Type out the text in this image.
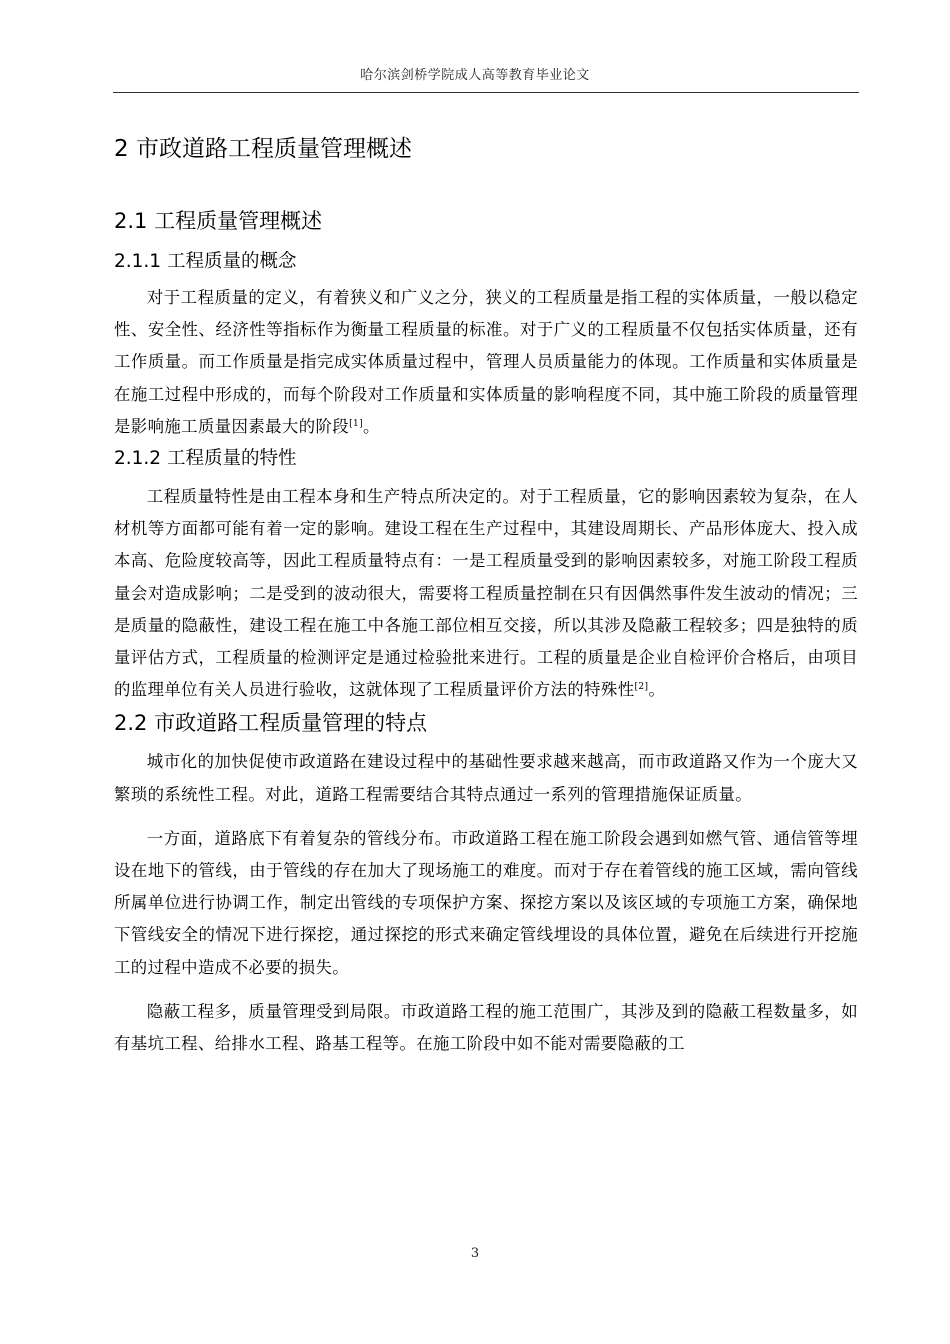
哈尔滨剑桥学院成人高等教育毕业论文
2 市政道路工程质量管理概述
2.1 工程质量管理概述
2.1.1 工程质量的概念

对于工程质量的定义，有着狭义和广义之分，狭义的工程质量是指工程的实体质量，一般以稳定性、安全性、经济性等指标作为衡量工程质量的标准。对于广义的工程质量不仅包括实体质量，还有工作质量。而工作质量是指完成实体质量过程中，管理人员质量能力的体现。工作质量和实体质量是在施工过程中形成的，而每个阶段对工作质量和实体质量的影响程度不同，其中施工阶段的质量管理是影响施工质量因素最大的阶段[1]。

2.1.2 工程质量的特性

工程质量特性是由工程本身和生产特点所决定的。对于工程质量，它的影响因素较为复杂，在人材机等方面都可能有着一定的影响。建设工程在生产过程中，其建设周期长、产品形体庞大、投入成本高、危险度较高等，因此工程质量特点有：一是工程质量受到的影响因素较多，对施工阶段工程质量会对造成影响；二是受到的波动很大，需要将工程质量控制在只有因偶然事件发生波动的情况；三是质量的隐蔽性，建设工程在施工中各施工部位相互交接，所以其涉及隐蔽工程较多；四是独特的质量评估方式，工程质量的检测评定是通过检验批来进行。工程的质量是企业自检评价合格后，由项目的监理单位有关人员进行验收，这就体现了工程质量评价方法的特殊性[2]。

2.2 市政道路工程质量管理的特点

城市化的加快促使市政道路在建设过程中的基础性要求越来越高，而市政道路又作为一个庞大又繁琐的系统性工程。对此，道路工程需要结合其特点通过一系列的管理措施保证质量。

一方面，道路底下有着复杂的管线分布。市政道路工程在施工阶段会遇到如燃气管、通信管等埋设在地下的管线，由于管线的存在加大了现场施工的难度。而对于存在着管线的施工区域，需向管线所属单位进行协调工作，制定出管线的专项保护方案、探挖方案以及该区域的专项施工方案，确保地下管线安全的情况下进行探挖，通过探挖的形式来确定管线埋设的具体位置，避免在后续进行开挖施工的过程中造成不必要的损失。

隐蔽工程多，质量管理受到局限。市政道路工程的施工范围广，其涉及到的隐蔽工程数量多，如有基坑工程、给排水工程、路基工程等。在施工阶段中如不能对需要隐蔽的工

3
